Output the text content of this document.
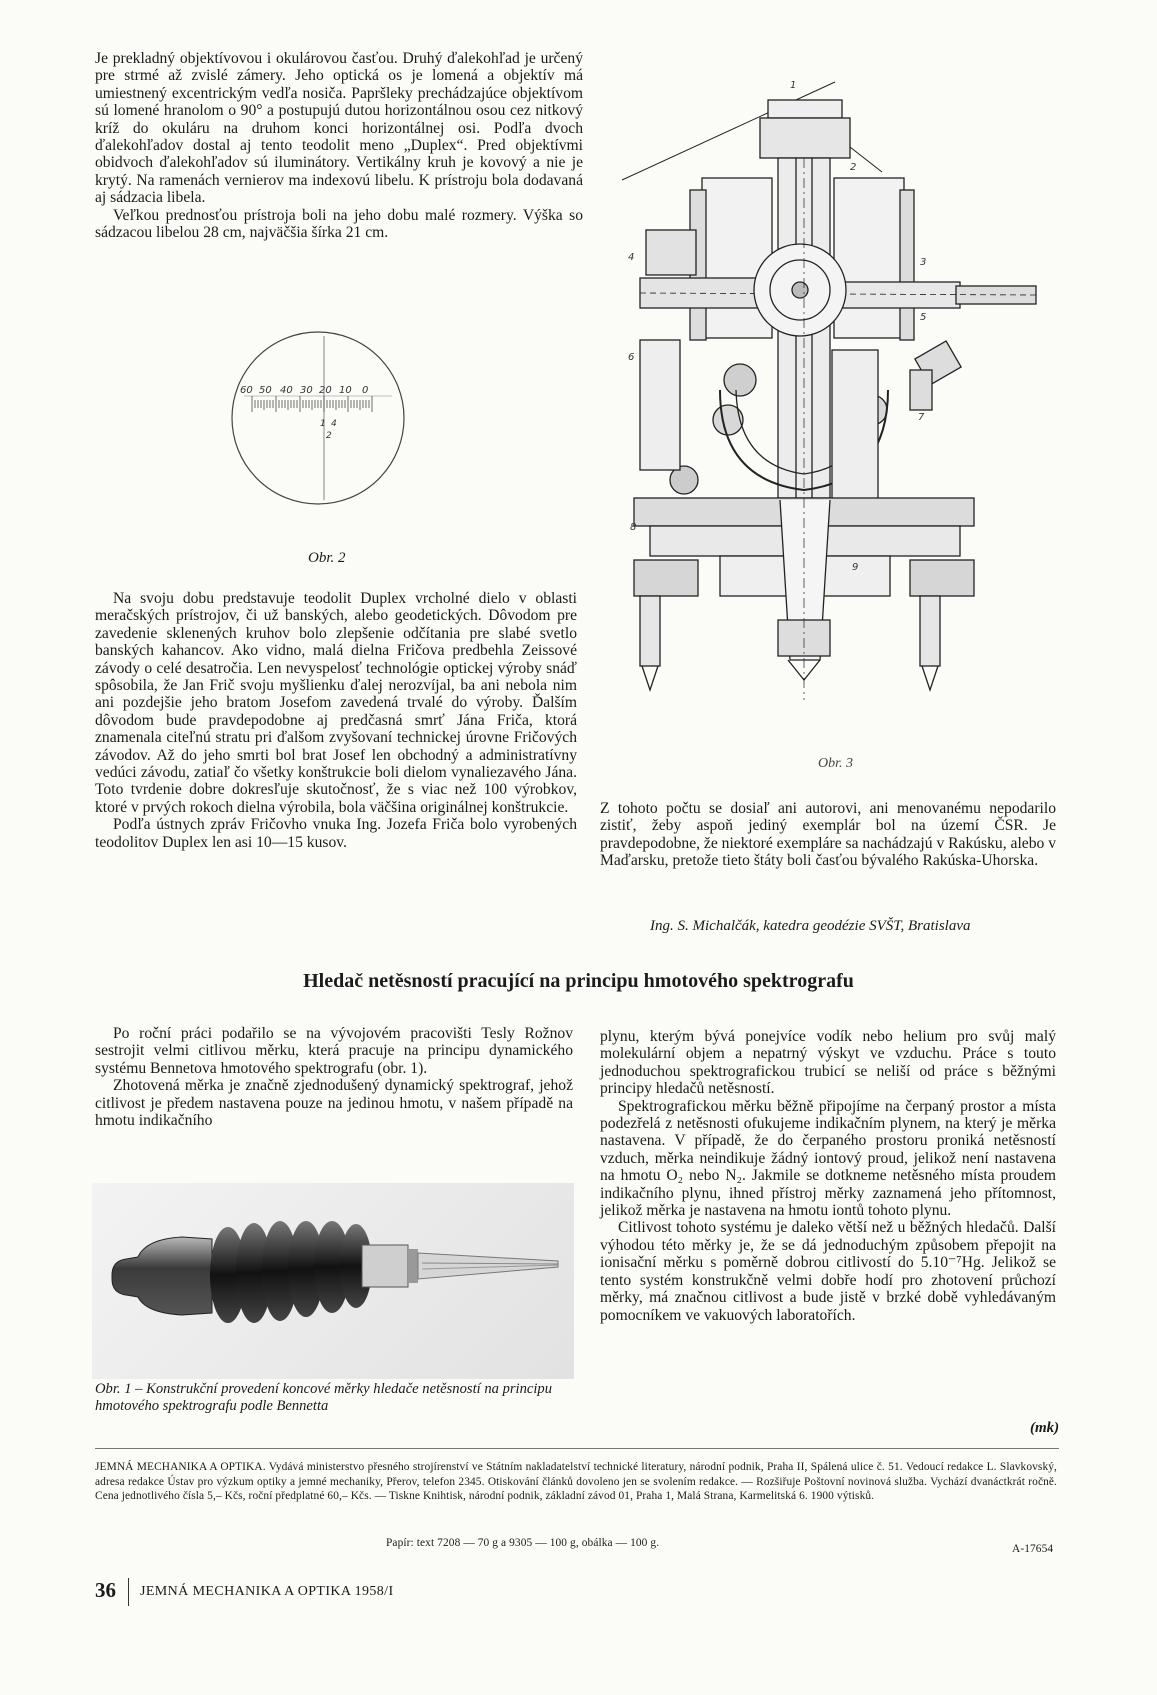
Je prekladný objektívovou i okulárovou časťou. Druhý ďalekohľad je určený pre strmé až zvislé zámery. Jeho optická os je lomená a objektív má umiestnený excentrickým vedľa nosiča. Papršleky prechádzajúce objektívom sú lomené hranolom o 90° a postupujú dutou horizontálnou osou cez nitkový kríž do okuláru na druhom konci horizontálnej osi. Podľa dvoch ďalekohľadov dostal aj tento teodolit meno „Duplex“. Pred objektívmi obidvoch ďalekohľadov sú iluminátory. Vertikálny kruh je kovový a nie je krytý. Na ramenách vernierov ma indexovú libelu. K prístroju bola dodavaná aj sádzacia libela.

Veľkou prednosťou prístroja boli na jeho dobu malé rozmery. Výška so sádzacou libelou 28 cm, najväčšia šírka 21 cm.

60 50 40 30 20 10 0
1 4
2
Obr. 2

Na svoju dobu predstavuje teodolit Duplex vrcholné dielo v oblasti meračských prístrojov, či už banských, alebo geodetických. Dôvodom pre zavedenie sklenených kruhov bolo zlepšenie odčítania pre slabé svetlo banských kahancov. Ako vidno, malá dielna Fričova predbehla Zeissové závody o celé desatročia. Len nevyspelosť technológie optickej výroby snáď spôsobila, že Jan Frič svoju myšlienku ďalej nerozvíjal, ba ani nebola nim ani pozdejšie jeho bratom Josefom zavedená trvalé do výroby. Ďalším dôvodom bude pravdepodobne aj predčasná smrť Jána Friča, ktorá znamenala citeľnú stratu pri ďalšom zvyšovaní technickej úrovne Fričových závodov. Až do jeho smrti bol brat Josef len obchodný a administratívny vedúci závodu, zatiaľ čo všetky konštrukcie boli dielom vynaliezavého Jána. Toto tvrdenie dobre dokresľuje skutočnosť, že s viac než 100 výrobkov, ktoré v prvých rokoch dielna výrobila, bola väčšina originálnej konštrukcie.

Podľa ústnych zpráv Fričovho vnuka Ing. Jozefa Friča bolo vyrobených teodolitov Duplex len asi 10—15 kusov.

1
2
3
4
5
6
7
8
9
Obr. 3

Z tohoto počtu se dosiaľ ani autorovi, ani menovanému nepodarilo zistiť, žeby aspoň jediný exemplár bol na území ČSR. Je pravdepodobne, že niektoré exempláre sa nachádzajú v Rakúsku, alebo v Maďarsku, pretože tieto štáty boli časťou bývalého Rakúska-Uhorska.

Ing. S. Michalčák, katedra geodézie SVŠT, Bratislava
Hledač netěsností pracující na principu hmotového spektrografu

Po roční práci podařilo se na vývojovém pracovišti Tesly Rožnov sestrojit velmi citlivou měrku, která pracuje na principu dynamického systému Bennetova hmotového spektrografu (obr. 1).

Zhotovená měrka je značně zjednodušený dynamický spektrograf, jehož citlivost je předem nastavena pouze na jedinou hmotu, v našem případě na hmotu indikačního

Obr. 1 – Konstrukční provedení koncové měrky hledače netěsností na principu hmotového spektrografu podle Bennetta

plynu, kterým bývá ponejvíce vodík nebo helium pro svůj malý molekulární objem a nepatrný výskyt ve vzduchu. Práce s touto jednoduchou spektrografickou trubicí se neliší od práce s běžnými principy hledačů netěsností.

Spektrografickou měrku běžně připojíme na čerpaný prostor a místa podezřelá z netěsnosti ofukujeme indikačním plynem, na který je měrka nastavena. V případě, že do čerpaného prostoru proniká netěsností vzduch, měrka neindikuje žádný iontový proud, jelikož není nastavena na hmotu O₂ nebo N₂. Jakmile se dotkneme netěsného místa proudem indikačního plynu, ihned přístroj měrky zaznamená jeho přítomnost, jelikož měrka je nastavena na hmotu iontů tohoto plynu.

Citlivost tohoto systému je daleko větší než u běžných hledačů. Další výhodou této měrky je, že se dá jednoduchým způsobem přepojit na ionisační měrku s poměrně dobrou citlivostí do 5.10⁻⁷Hg. Jelikož se tento systém konstrukčně velmi dobře hodí pro zhotovení průchozí měrky, má značnou citlivost a bude jistě v brzké době vyhledávaným pomocníkem ve vakuových laboratořích.

(mk)
JEMNÁ MECHANIKA A OPTIKA. Vydává ministerstvo přesného strojírenství ve Státním nakladatelství technické literatury, národní podnik, Praha II, Spálená ulice č. 51. Vedoucí redakce L. Slavkovský, adresa redakce Ústav pro výzkum optiky a jemné mechaniky, Přerov, telefon 2345. Otiskování článků dovoleno jen se svolením redakce. — Rozšiřuje Poštovní novinová služba. Vychází dvanáctkrát ročně. Cena jednotlivého čísla 5,– Kčs, roční předplatné 60,– Kčs. — Tiskne Knihtisk, národní podnik, základní závod 01, Praha 1, Malá Strana, Karmelitská 6. 1900 výtisků.
Papír: text 7208 — 70 g a 9305 — 100 g, obálka — 100 g.	A-17654
36 JEMNÁ MECHANIKA A OPTIKA 1958/I
